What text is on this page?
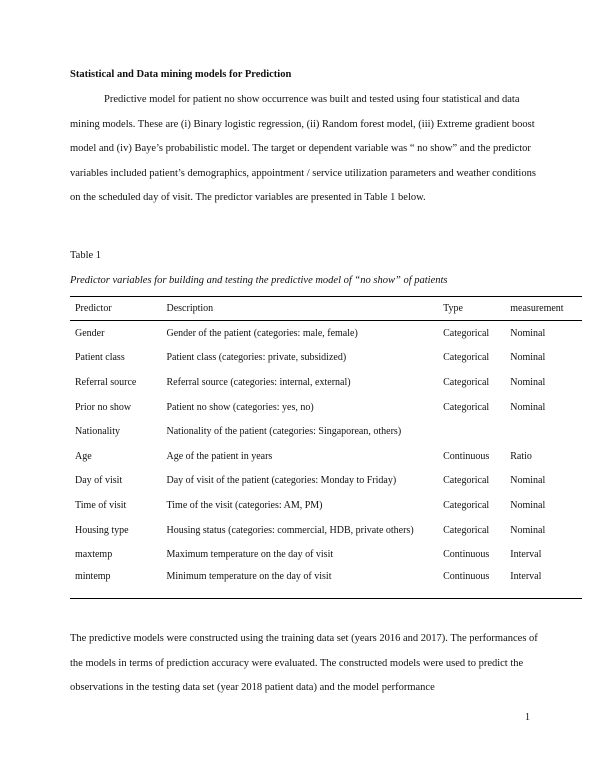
Statistical and Data mining models for Prediction

Predictive model for patient no show occurrence was built and tested using four statistical and data mining models. These are (i) Binary logistic regression, (ii) Random forest model, (iii) Extreme gradient boost model and (iv) Baye’s probabilistic model. The target or dependent variable was “ no show” and the predictor variables included patient’s demographics, appointment / service utilization parameters and weather conditions on the scheduled day of visit. The predictor variables are presented in Table 1 below.

Table 1
Predictor variables for building and testing the predictive model of “no show” of patients
Predictor	Description	Type	measurement
Gender	Gender of the patient (categories: male, female)	Categorical	Nominal
Patient class	Patient class (categories: private, subsidized)	Categorical	Nominal
Referral source	Referral source (categories: internal, external)	Categorical	Nominal
Prior no show	Patient no show (categories: yes, no)	Categorical	Nominal
Nationality	Nationality of the patient (categories: Singaporean, others)		
Age	Age of the patient in years	Continuous	Ratio
Day of visit	Day of visit of the patient (categories: Monday to Friday)	Categorical	Nominal
Time of visit	Time of the visit (categories: AM, PM)	Categorical	Nominal
Housing type	Housing status (categories: commercial, HDB, private others)	Categorical	Nominal
maxtemp	Maximum temperature on the day of visit	Continuous	Interval
mintemp	Minimum temperature on the day of visit	Continuous	Interval

The predictive models were constructed using the training data set (years 2016 and 2017). The performances of the models in terms of prediction accuracy were evaluated. The constructed models were used to predict the observations in the testing data set (year 2018 patient data) and the model performance

1
